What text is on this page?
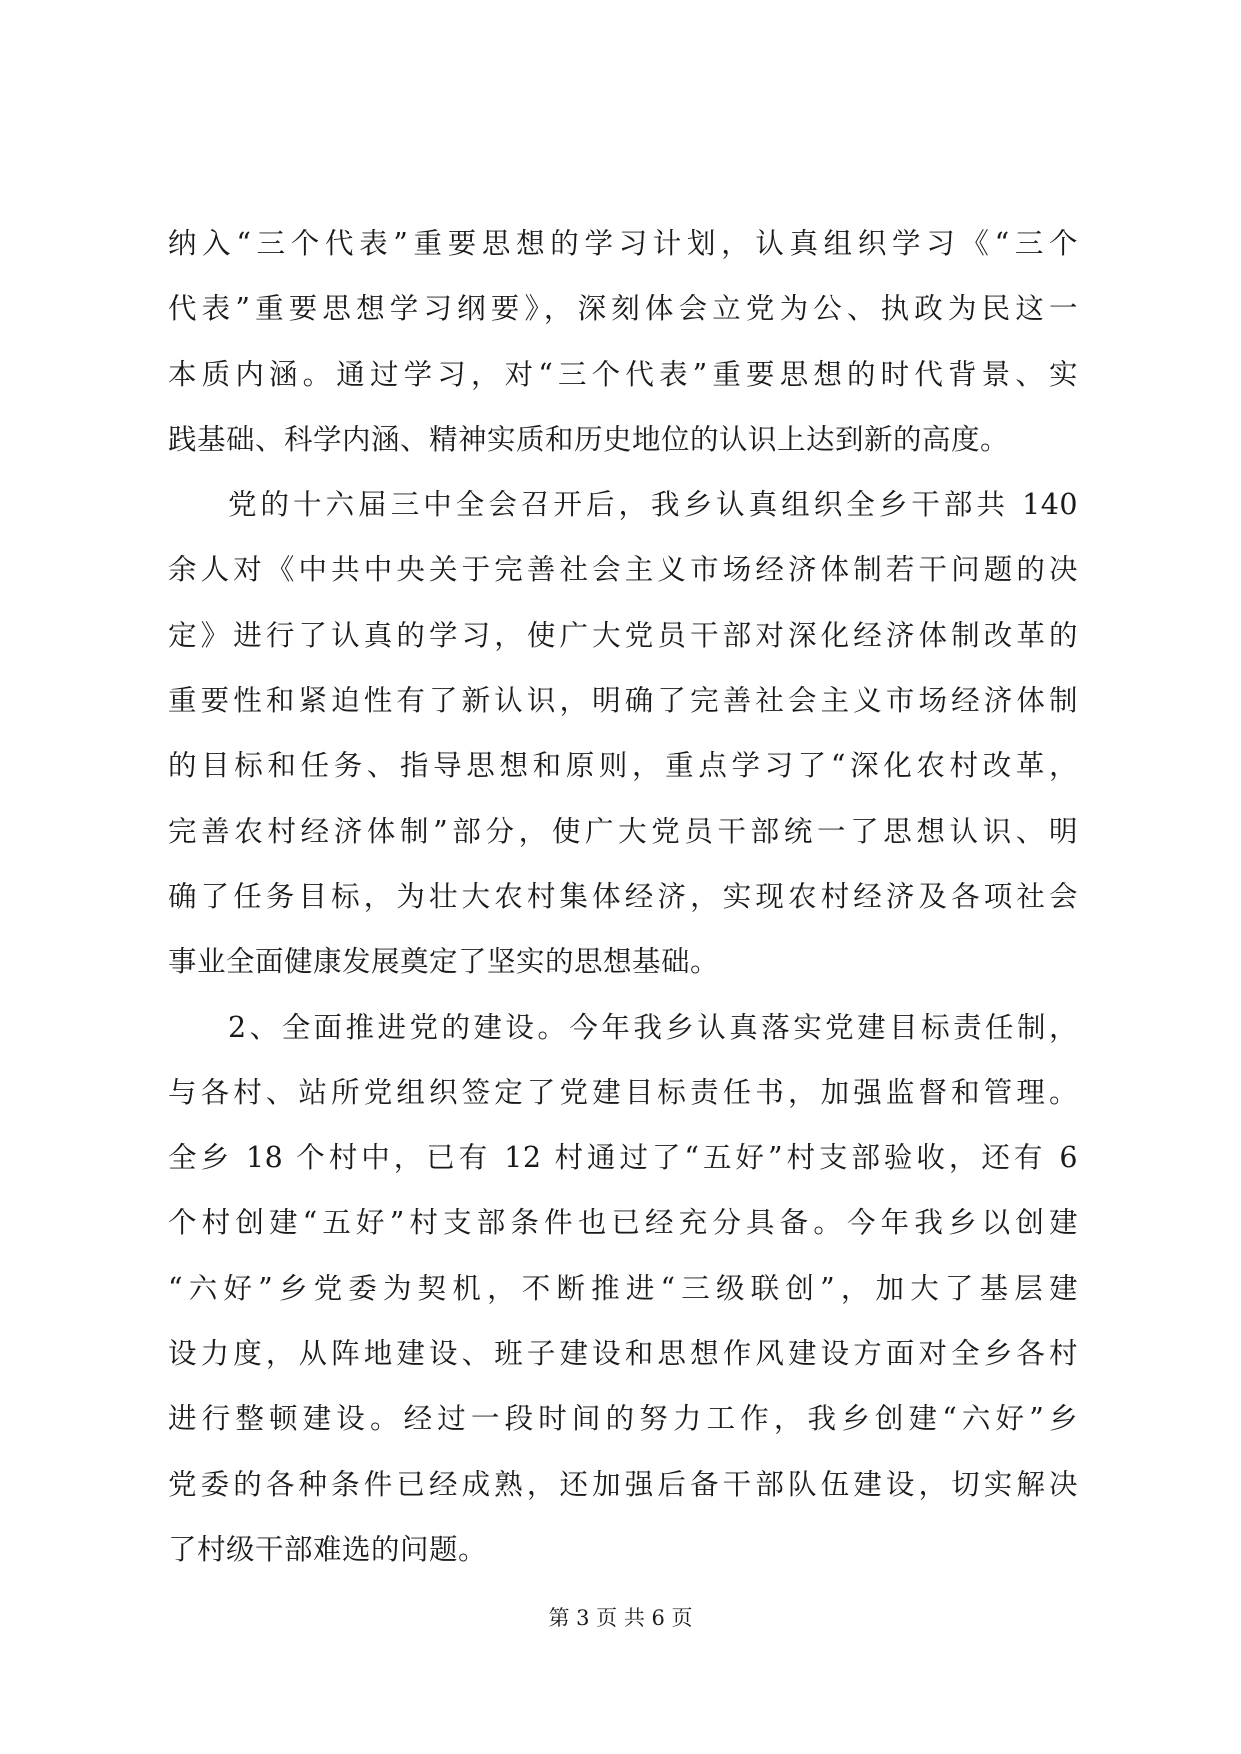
纳入“三个代表”重要思想的学习计划，认真组织学习《“三个
代表”重要思想学习纲要》，深刻体会立党为公、执政为民这一
本质内涵。通过学习，对“三个代表”重要思想的时代背景、实
践基础、科学内涵、精神实质和历史地位的认识上达到新的高度。
党的十六届三中全会召开后，我乡认真组织全乡干部共 140
余人对《中共中央关于完善社会主义市场经济体制若干问题的决
定》进行了认真的学习，使广大党员干部对深化经济体制改革的
重要性和紧迫性有了新认识，明确了完善社会主义市场经济体制
的目标和任务、指导思想和原则，重点学习了“深化农村改革，
完善农村经济体制”部分，使广大党员干部统一了思想认识、明
确了任务目标，为壮大农村集体经济，实现农村经济及各项社会
事业全面健康发展奠定了坚实的思想基础。
2、全面推进党的建设。今年我乡认真落实党建目标责任制，
与各村、站所党组织签定了党建目标责任书，加强监督和管理。
全乡 18 个村中，已有 12 村通过了“五好”村支部验收，还有 6
个村创建“五好”村支部条件也已经充分具备。今年我乡以创建
“六好”乡党委为契机，不断推进“三级联创”，加大了基层建
设力度，从阵地建设、班子建设和思想作风建设方面对全乡各村
进行整顿建设。经过一段时间的努力工作，我乡创建“六好”乡
党委的各种条件已经成熟，还加强后备干部队伍建设，切实解决
了村级干部难选的问题。
第 3 页 共 6 页
